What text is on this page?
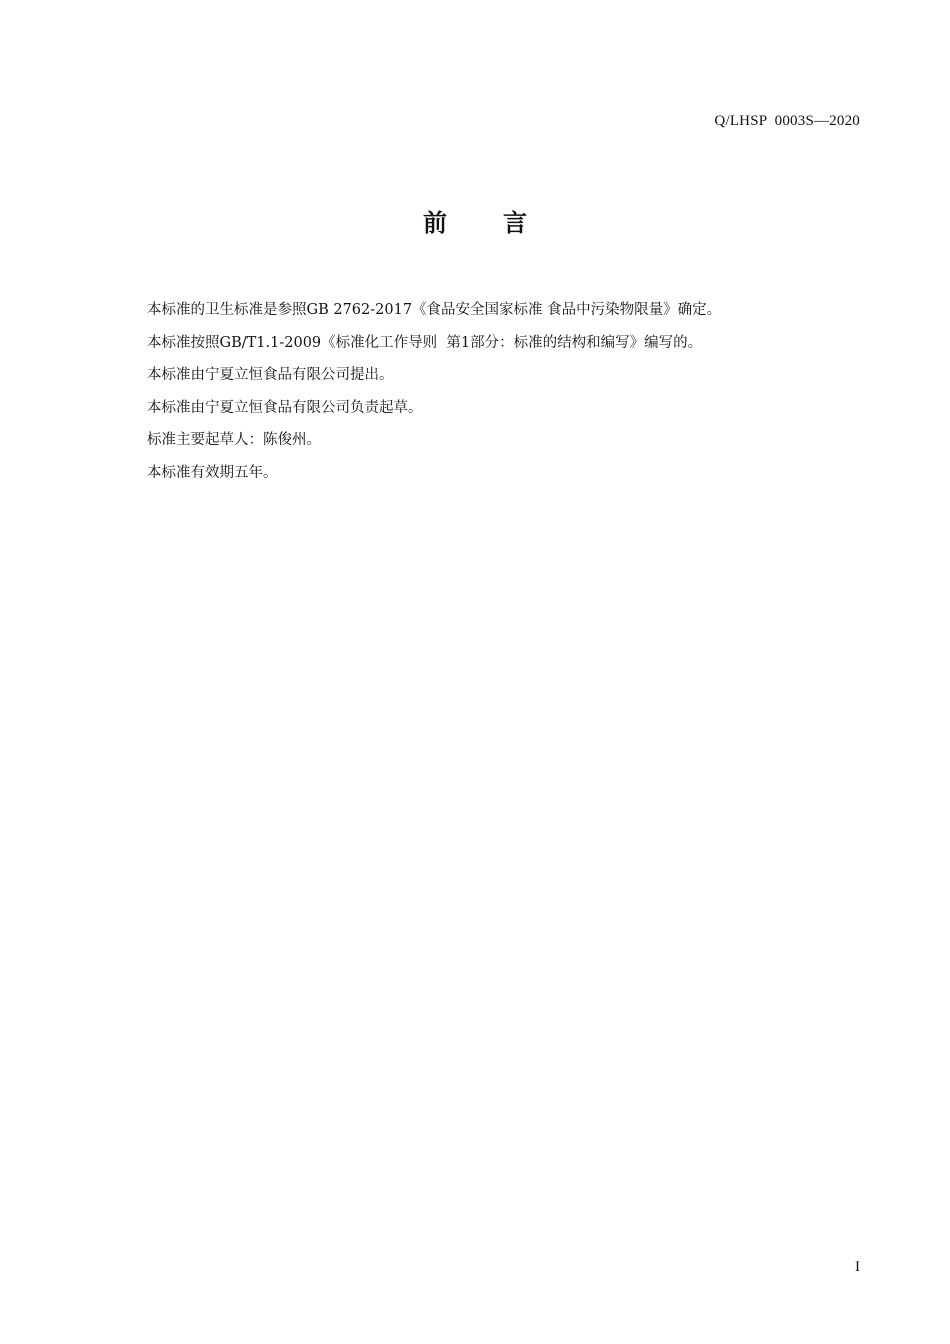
Q/LHSP  0003S—2020
前言
本标准的卫生标准是参照GB 2762-2017《食品安全国家标准 食品中污染物限量》确定。
本标准按照GB/T1.1-2009《标准化工作导则  第1部分：标准的结构和编写》编写的。
本标准由宁夏立恒食品有限公司提出。
本标准由宁夏立恒食品有限公司负责起草。
标准主要起草人：陈俊州。
本标准有效期五年。
I
